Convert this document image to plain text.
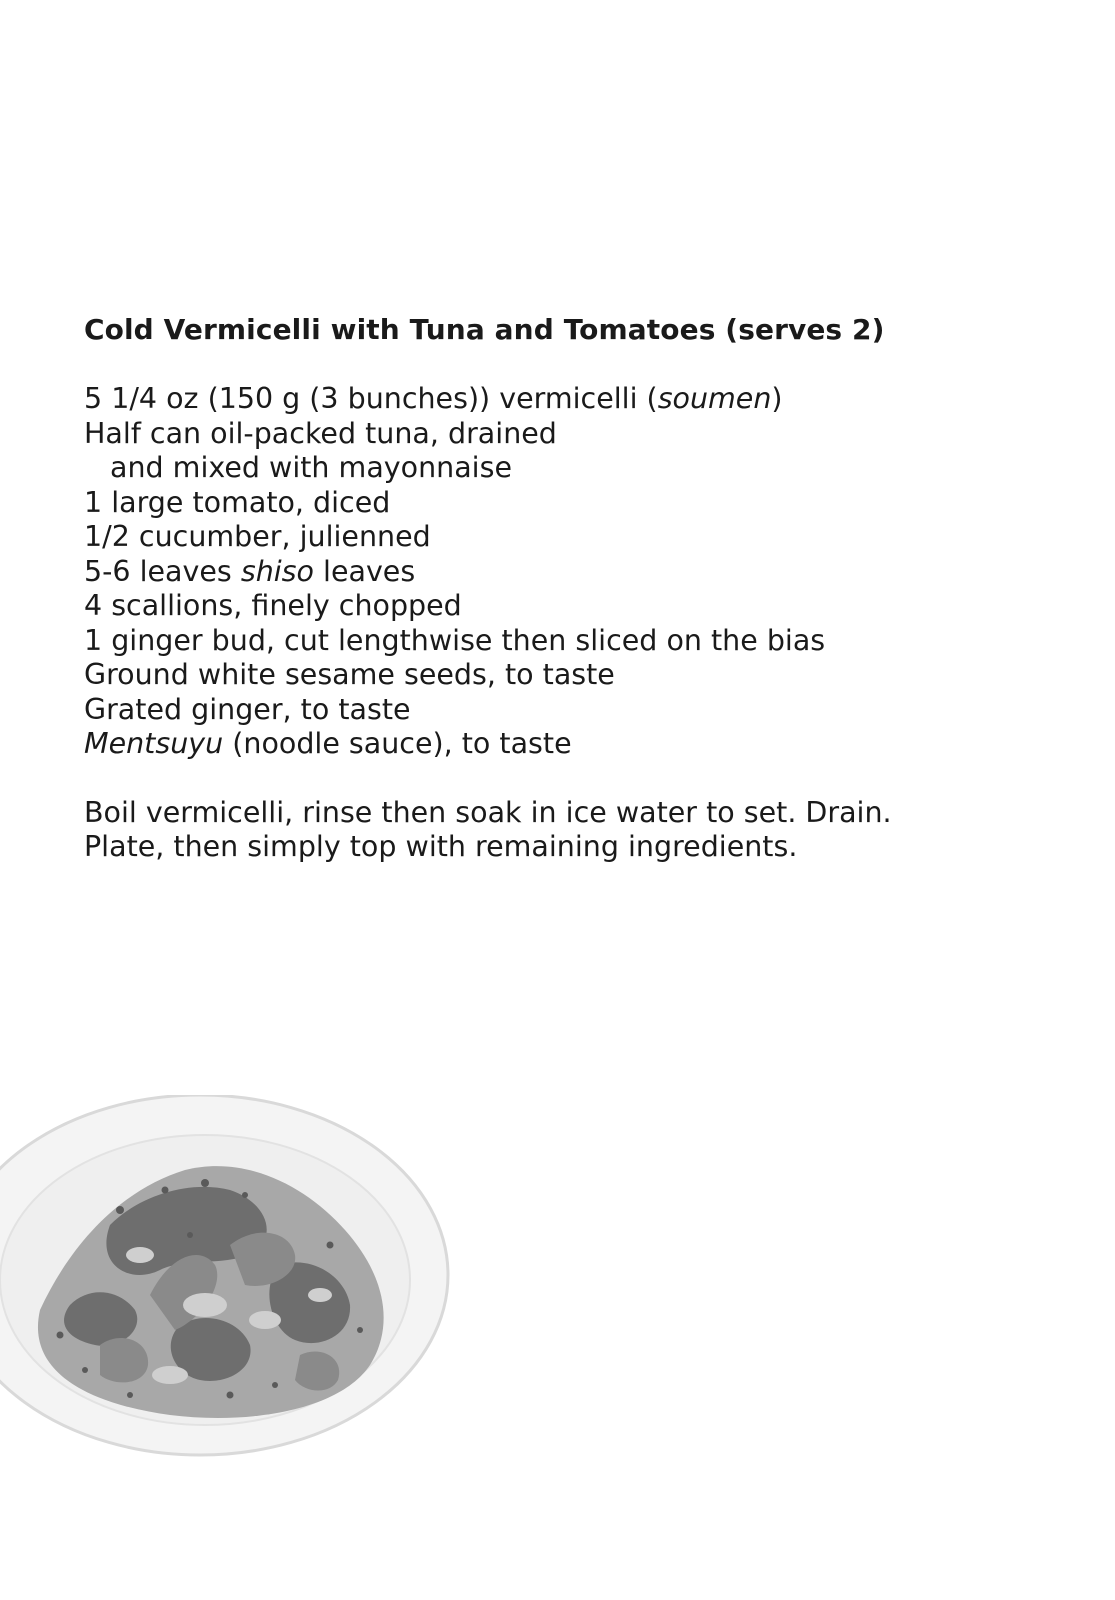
Cold Vermicelli with Tuna and Tomatoes (serves 2)
5 1/4 oz (150 g (3 bunches)) vermicelli (soumen)
Half can oil-packed tuna, drained
and mixed with mayonnaise
1 large tomato, diced
1/2 cucumber, julienned
5-6 leaves shiso leaves
4 scallions, finely chopped
1 ginger bud, cut lengthwise then sliced on the bias
Ground white sesame seeds, to taste
Grated ginger, to taste
Mentsuyu (noodle sauce), to taste

Boil vermicelli, rinse then soak in ice water to set. Drain.

Plate, then simply top with remaining ingredients.
